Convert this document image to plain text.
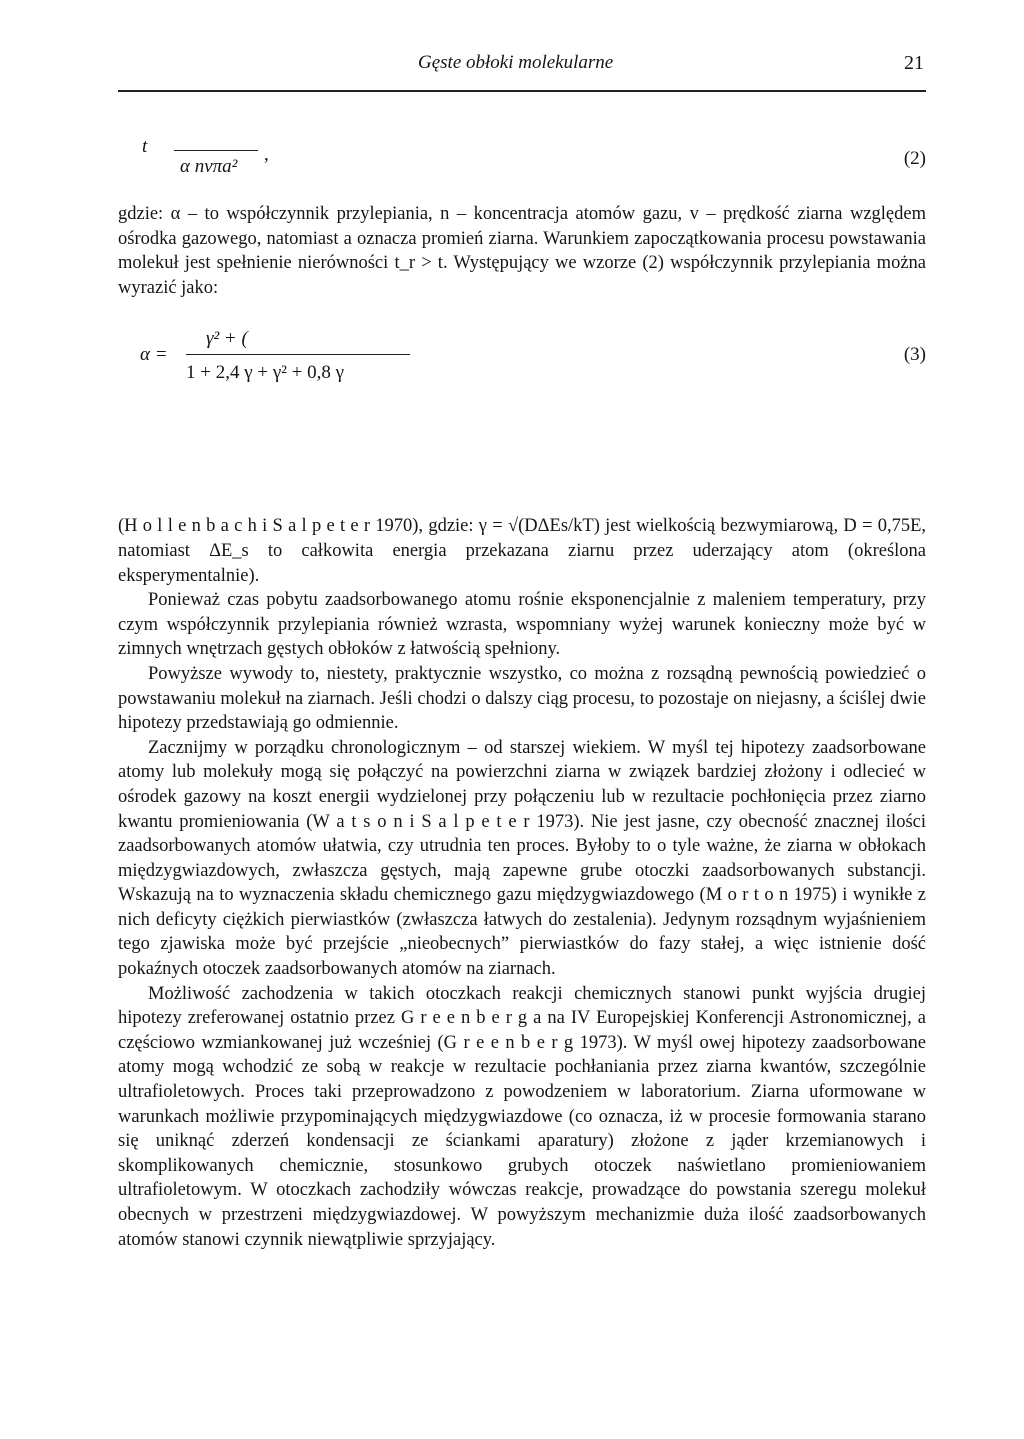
Gęste obłoki molekularne	21
t
α nvπa²
,	(2)
α =
γ² + (
1 + 2,4 γ + γ² + 0,8 γ
(3)

gdzie: α – to współczynnik przylepiania, n – koncentracja atomów gazu, v – prędkość ziarna względem ośrodka gazowego, natomiast a oznacza promień ziarna. Warunkiem zapoczątkowania procesu powstawania molekuł jest spełnienie nierówności t_r > t. Występujący we wzorze (2) współczynnik przylepiania można wyrazić jako:

(H o l l e n b a c h i S a l p e t e r 1970), gdzie: γ = √(DΔEs/kT) jest wielkością bezwymiarową, D = 0,75E, natomiast ΔE_s to całkowita energia przekazana ziarnu przez uderzający atom (określona eksperymentalnie).

Ponieważ czas pobytu zaadsorbowanego atomu rośnie eksponencjalnie z maleniem temperatury, przy czym współczynnik przylepiania również wzrasta, wspomniany wyżej warunek konieczny może być w zimnych wnętrzach gęstych obłoków z łatwością spełniony.

Powyższe wywody to, niestety, praktycznie wszystko, co można z rozsądną pewnością powiedzieć o powstawaniu molekuł na ziarnach. Jeśli chodzi o dalszy ciąg procesu, to pozostaje on niejasny, a ściślej dwie hipotezy przedstawiają go odmiennie.

Zacznijmy w porządku chronologicznym – od starszej wiekiem. W myśl tej hipotezy zaadsorbowane atomy lub molekuły mogą się połączyć na powierzchni ziarna w związek bardziej złożony i odlecieć w ośrodek gazowy na koszt energii wydzielonej przy połączeniu lub w rezultacie pochłonięcia przez ziarno kwantu promieniowania (W a t s o n i S a l p e t e r 1973). Nie jest jasne, czy obecność znacznej ilości zaadsorbowanych atomów ułatwia, czy utrudnia ten proces. Byłoby to o tyle ważne, że ziarna w obłokach międzygwiazdowych, zwłaszcza gęstych, mają zapewne grube otoczki zaadsorbowanych substancji. Wskazują na to wyznaczenia składu chemicznego gazu międzygwiazdowego (M o r t o n 1975) i wynikłe z nich deficyty ciężkich pierwiastków (zwłaszcza łatwych do zestalenia). Jedynym rozsądnym wyjaśnieniem tego zjawiska może być przejście „nieobecnych” pierwiastków do fazy stałej, a więc istnienie dość pokaźnych otoczek zaadsorbowanych atomów na ziarnach.

Możliwość zachodzenia w takich otoczkach reakcji chemicznych stanowi punkt wyjścia drugiej hipotezy zreferowanej ostatnio przez G r e e n b e r g a na IV Europejskiej Konferencji Astronomicznej, a częściowo wzmiankowanej już wcześniej (G r e e n b e r g 1973). W myśl owej hipotezy zaadsorbowane atomy mogą wchodzić ze sobą w reakcje w rezultacie pochłaniania przez ziarna kwantów, szczególnie ultrafioletowych. Proces taki przeprowadzono z powodzeniem w laboratorium. Ziarna uformowane w warunkach możliwie przypominających międzygwiazdowe (co oznacza, iż w procesie formowania starano się uniknąć zderzeń kondensacji ze ściankami aparatury) złożone z jąder krzemianowych i skomplikowanych chemicznie, stosunkowo grubych otoczek naświetlano promieniowaniem ultrafioletowym. W otoczkach zachodziły wówczas reakcje, prowadzące do powstania szeregu molekuł obecnych w przestrzeni międzygwiazdowej. W powyższym mechanizmie duża ilość zaadsorbowanych atomów stanowi czynnik niewątpliwie sprzyjający.
